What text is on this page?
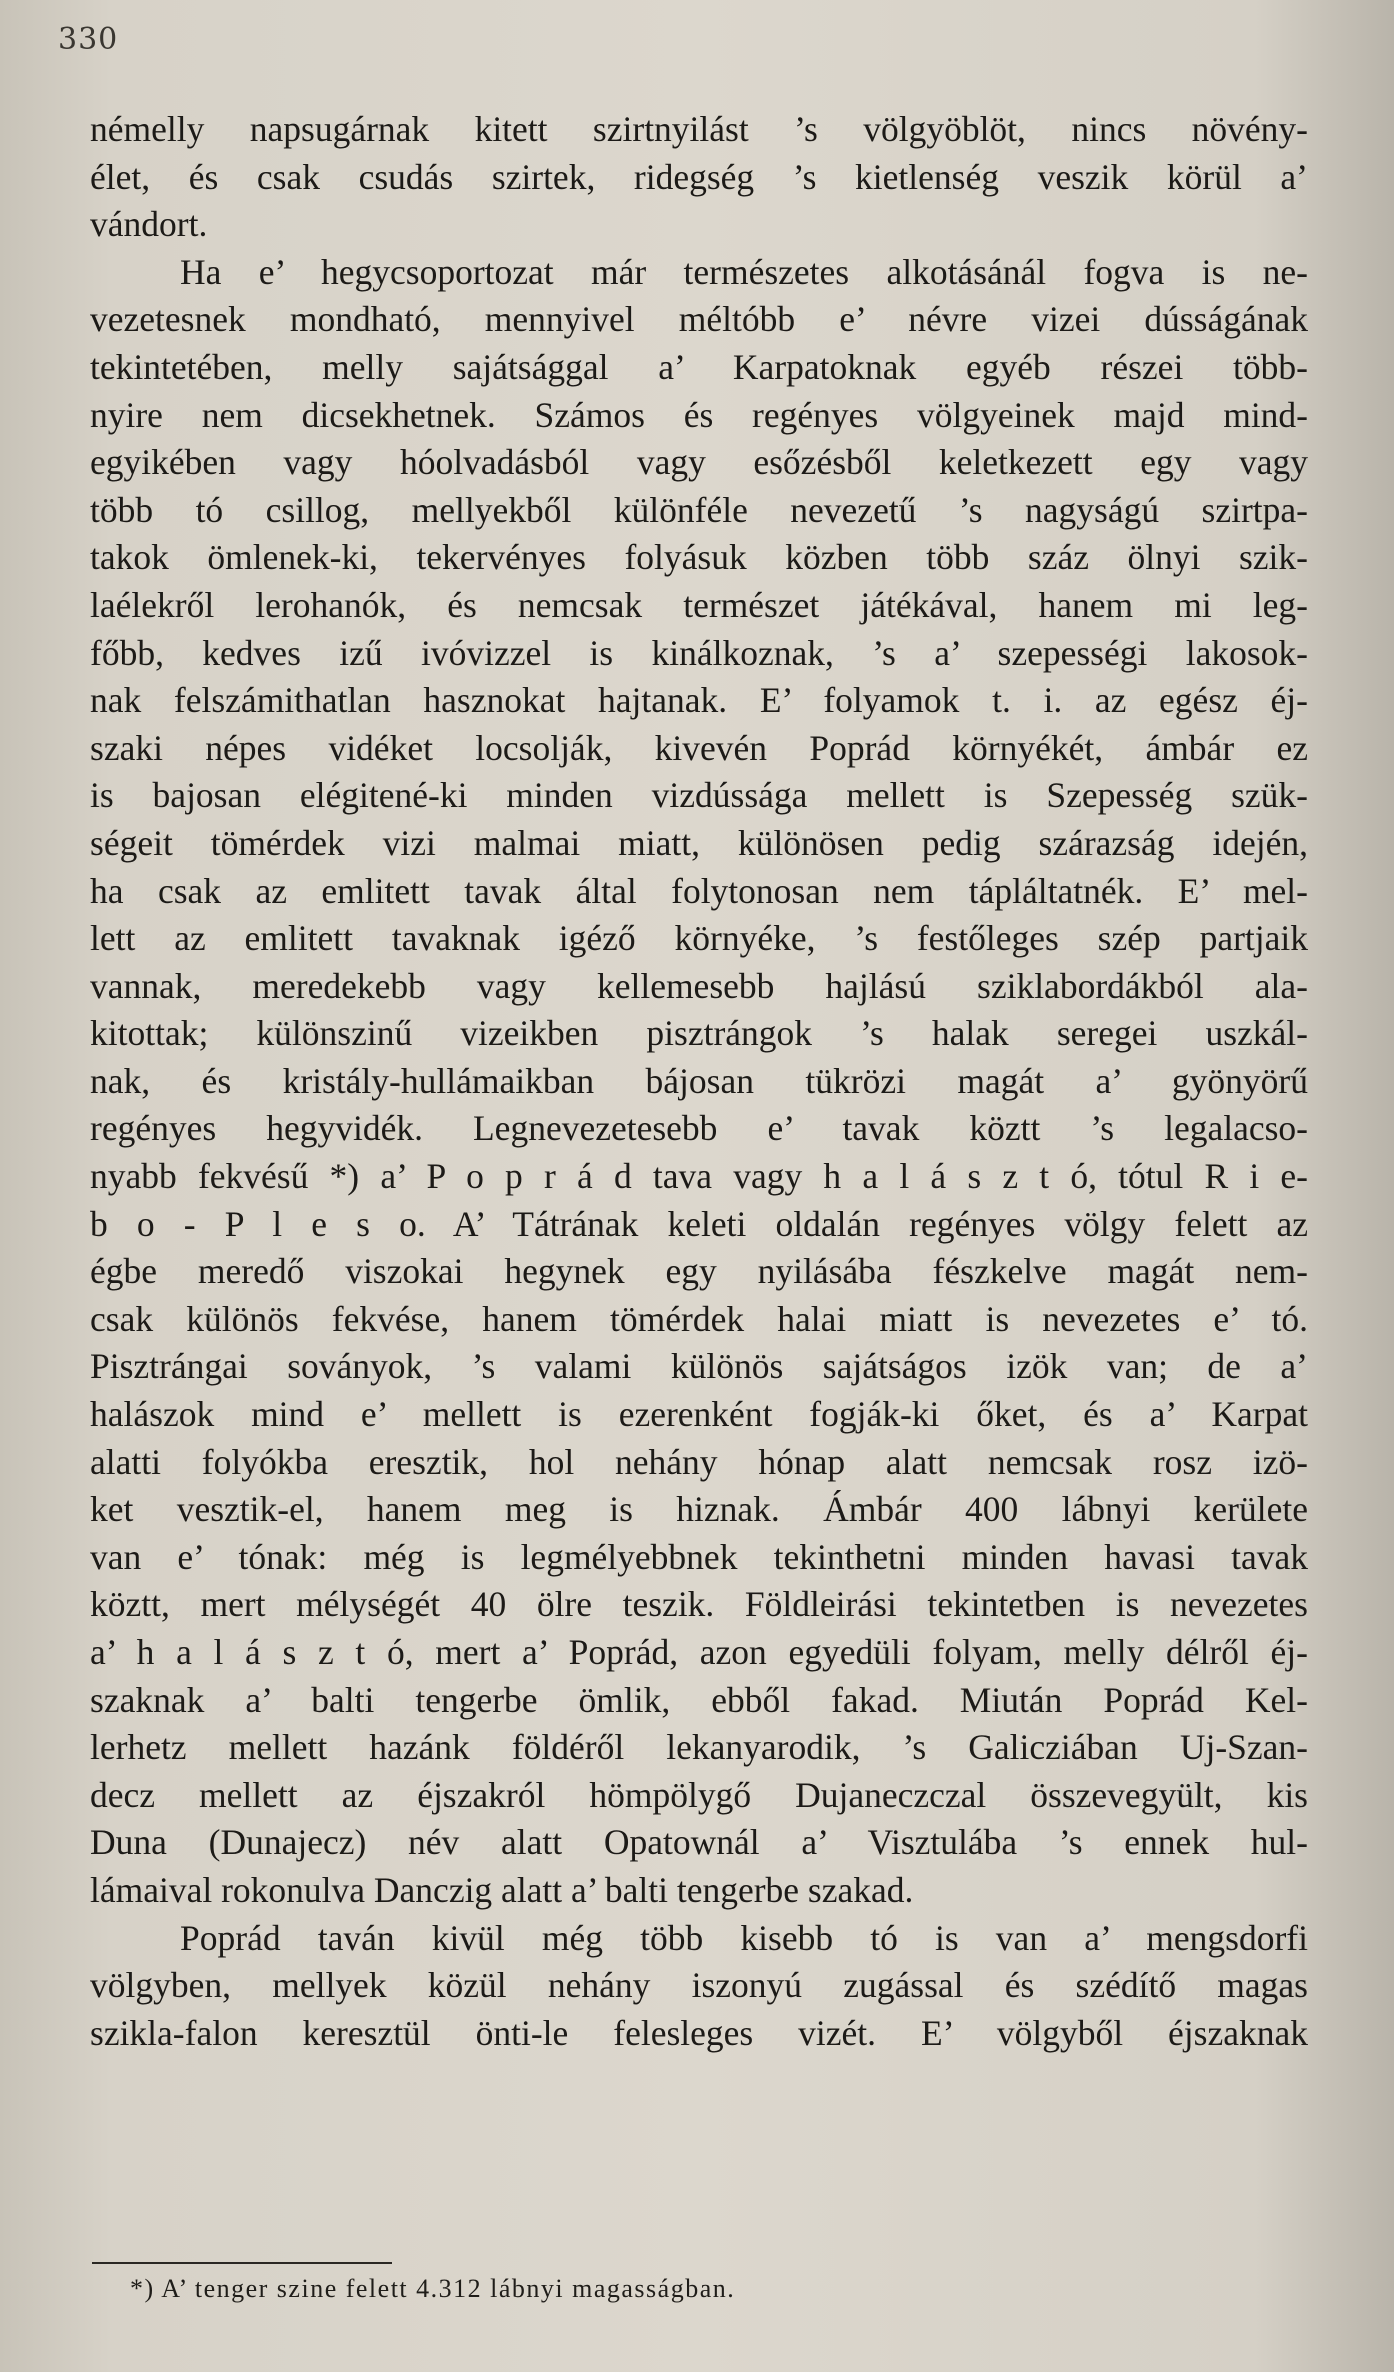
330

némelly napsugárnak kitett szirtnyilást ’s völgyöblöt, nincs növény-
élet, és csak csudás szirtek, ridegség ’s kietlenség veszik körül a’
vándort.
Ha e’ hegycsoportozat már természetes alkotásánál fogva is ne-
vezetesnek mondható, mennyivel méltóbb e’ névre vizei dússágának
tekintetében, melly sajátsággal a’ Karpatoknak egyéb részei több-
nyire nem dicsekhetnek. Számos és regényes völgyeinek majd mind-
egyikében vagy hóolvadásból vagy esőzésből keletkezett egy vagy
több tó csillog, mellyekből különféle nevezetű ’s nagyságú szirtpa-
takok ömlenek-ki, tekervényes folyásuk közben több száz ölnyi szik-
laélekről lerohanók, és nemcsak természet játékával, hanem mi leg-
főbb, kedves izű ivóvizzel is kinálkoznak, ’s a’ szepességi lakosok-
nak felszámithatlan hasznokat hajtanak. E’ folyamok t. i. az egész éj-
szaki népes vidéket locsolják, kivevén Poprád környékét, ámbár ez
is bajosan elégitené-ki minden vizdússága mellett is Szepesség szük-
ségeit tömérdek vizi malmai miatt, különösen pedig szárazság idején,
ha csak az emlitett tavak által folytonosan nem tápláltatnék. E’ mel-
lett az emlitett tavaknak igéző környéke, ’s festőleges szép partjaik
vannak, meredekebb vagy kellemesebb hajlású sziklabordákból ala-
kitottak; különszinű vizeikben pisztrángok ’s halak seregei uszkál-
nak, és kristály-hullámaikban bájosan tükrözi magát a’ gyönyörű
regényes hegyvidék. Legnevezetesebb e’ tavak köztt ’s legalacso-
nyabb fekvésű *) a’ P o p r á d tava vagy h a l á s z t ó, tótul R i e-
b o - P l e s o. A’ Tátrának keleti oldalán regényes völgy felett az
égbe meredő viszokai hegynek egy nyilásába fészkelve magát nem-
csak különös fekvése, hanem tömérdek halai miatt is nevezetes e’ tó.
Pisztrángai soványok, ’s valami különös sajátságos izök van; de a’
halászok mind e’ mellett is ezerenként fogják-ki őket, és a’ Karpat
alatti folyókba eresztik, hol nehány hónap alatt nemcsak rosz izö-
ket vesztik-el, hanem meg is hiznak. Ámbár 400 lábnyi kerülete
van e’ tónak: még is legmélyebbnek tekinthetni minden havasi tavak
köztt, mert mélységét 40 ölre teszik. Földleirási tekintetben is nevezetes
a’ h a l á s z t ó, mert a’ Poprád, azon egyedüli folyam, melly délről éj-
szaknak a’ balti tengerbe ömlik, ebből fakad. Miután Poprád Kel-
lerhetz mellett hazánk földéről lekanyarodik, ’s Galicziában Uj-Szan-
decz mellett az éjszakról hömpölygő Dujaneczczal összevegyült, kis
Duna (Dunajecz) név alatt Opatownál a’ Visztulába ’s ennek hul-
lámaival rokonulva Danczig alatt a’ balti tengerbe szakad.
Poprád taván kivül még több kisebb tó is van a’ mengsdorfi
völgyben, mellyek közül nehány iszonyú zugással és szédítő magas
szikla-falon keresztül önti-le felesleges vizét. E’ völgyből éjszaknak

*) A’ tenger szine felett 4.312 lábnyi magasságban.
